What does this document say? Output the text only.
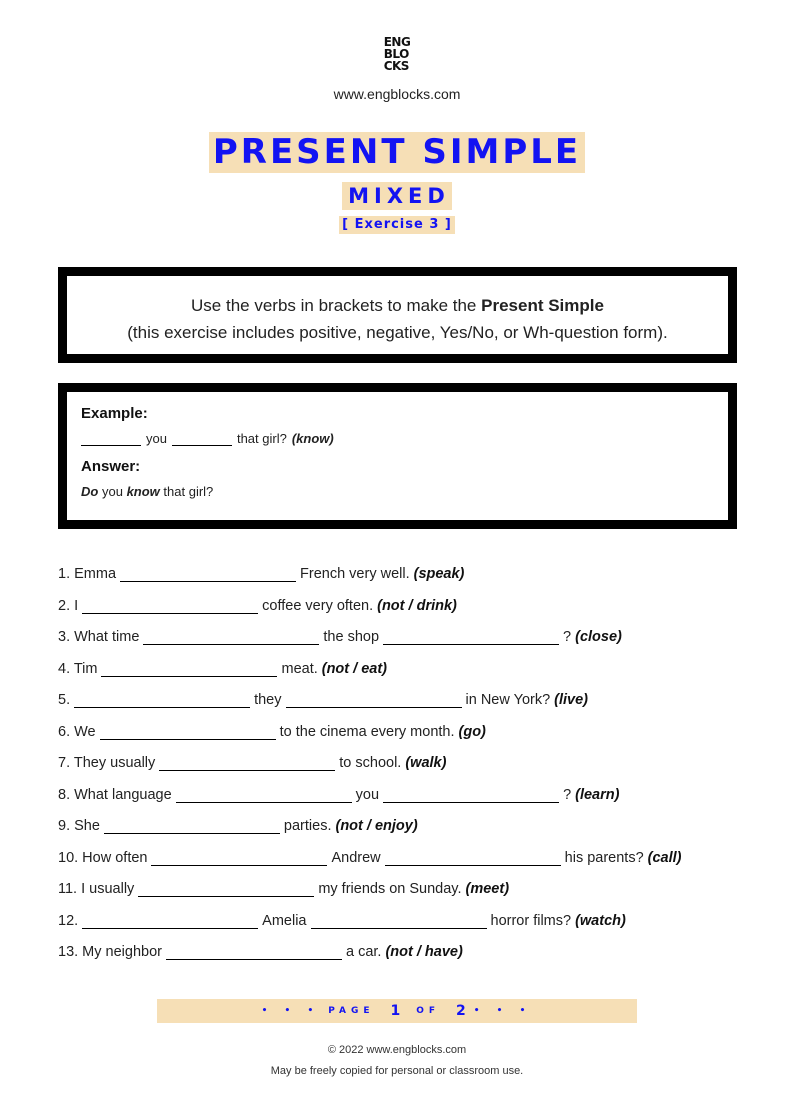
ENG
BLO
CKS
www.engblocks.com
PRESENT SIMPLE
MIXED
[ Exercise 3 ]
Use the verbs in brackets to make the Present Simple
(this exercise includes positive, negative, Yes/No, or Wh-question form).
Example:
you	that girl? (know)
Answer:
Do you know that girl?
1. Emma	French very well. (speak)
2. I	coffee very often. (not / drink)
3. What time	the shop	? (close)
4. Tim	meat. (not / eat)
5.	they	in New York? (live)
6. We	to the cinema every month. (go)
7. They usually	to school. (walk)
8. What language	you	? (learn)
9. She	parties. (not / enjoy)
10. How often	Andrew	his parents? (call)
11. I usually	my friends on Sunday. (meet)
12.	Amelia	horror films? (watch)
13. My neighbor	a car. (not / have)
• • • PAGE 1 OF 2 • • •
© 2022 www.engblocks.com
May be freely copied for personal or classroom use.
